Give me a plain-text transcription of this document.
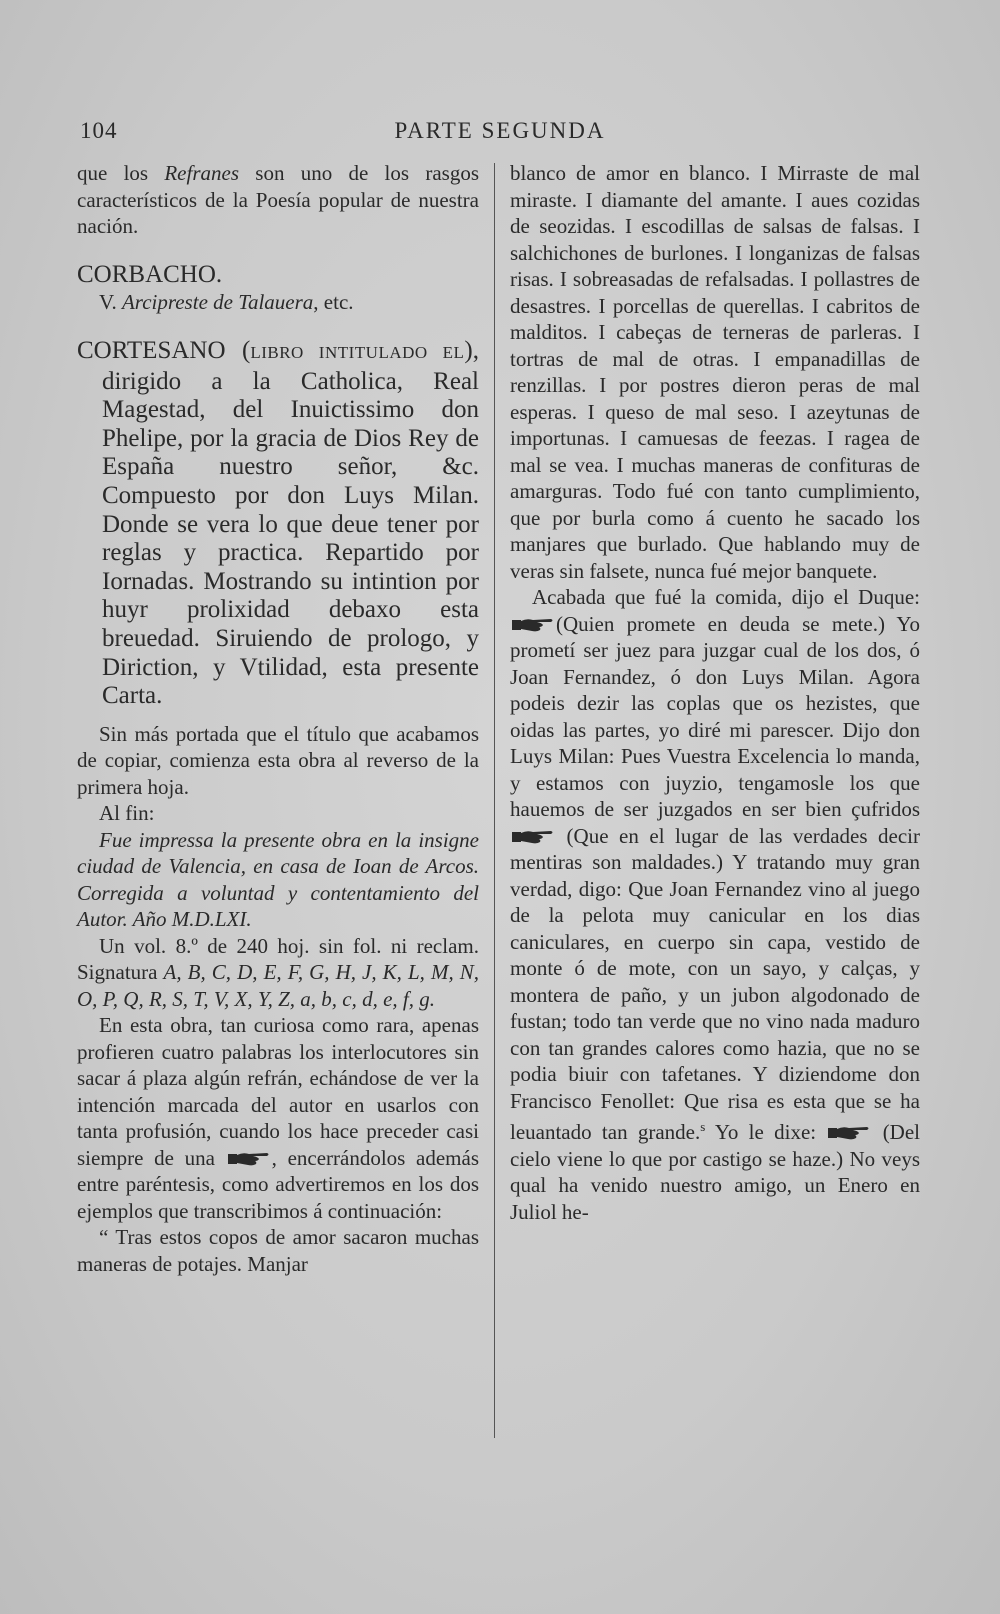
104	PARTE SEGUNDA

que los Refranes son uno de los rasgos característicos de la Poesía popular de nuestra nación.

CORBACHO.

V. Arcipreste de Talauera, etc.

CORTESANO (LIBRO INTITULADO EL), dirigido a la Catholica, Real Magestad, del Inuictissimo don Phelipe, por la gracia de Dios Rey de España nuestro señor, &c. Compuesto por don Luys Milan. Donde se vera lo que deue tener por reglas y practica. Repartido por Iornadas. Mostrando su intintion por huyr prolixidad debaxo esta breuedad. Siruiendo de prologo, y Diriction, y Vtilidad, esta presente Carta.

Sin más portada que el título que acabamos de copiar, comienza esta obra al reverso de la primera hoja.

Al fin:

Fue impressa la presente obra en la insigne ciudad de Valencia, en casa de Ioan de Arcos. Corregida a voluntad y contentamiento del Autor. Año M.D.LXI.

Un vol. 8.º de 240 hoj. sin fol. ni reclam. Signatura A, B, C, D, E, F, G, H, J, K, L, M, N, O, P, Q, R, S, T, V, X, Y, Z, a, b, c, d, e, f, g.

En esta obra, tan curiosa como rara, apenas profieren cuatro palabras los interlocutores sin sacar á plaza algún refrán, echándose de ver la intención marcada del autor en usarlos con tanta profusión, cuando los hace preceder casi siempre de una
, encerrándolos además entre paréntesis, como advertiremos en los dos ejemplos que transcribimos á continuación:

“ Tras estos copos de amor sacaron muchas maneras de potajes. Manjar

blanco de amor en blanco. I Mirraste de mal miraste. I diamante del amante. I aues cozidas de seozidas. I escodillas de salsas de falsas. I salchichones de burlones. I longanizas de falsas risas. I sobreasadas de refalsadas. I pollastres de desastres. I porcellas de querellas. I cabritos de malditos. I cabeças de terneras de parleras. I tortras de mal de otras. I empanadillas de renzillas. I por postres dieron peras de mal esperas. I queso de mal seso. I azeytunas de importunas. I camuesas de feezas. I ragea de mal se vea. I muchas maneras de confituras de amarguras. Todo fué con tanto cumplimiento, que por burla como á cuento he sacado los manjares que burlado. Que hablando muy de veras sin falsete, nunca fué mejor banquete.

Acabada que fué la comida, dijo el Duque:
(Quien promete en deuda se mete.) Yo prometí ser juez para juzgar cual de los dos, ó Joan Fernandez, ó don Luys Milan. Agora podeis dezir las coplas que os hezistes, que oidas las partes, yo diré mi parescer. Dijo don Luys Milan: Pues Vuestra Excelencia lo manda, y estamos con juyzio, tengamosle los que hauemos de ser juzgados en ser bien çufridos
(Que en el lugar de las verdades decir mentiras son maldades.) Y tratando muy gran verdad, digo: Que Joan Fernandez vino al juego de la pelota muy canicular en los dias caniculares, en cuerpo sin capa, vestido de monte ó de mote, con un sayo, y calças, y montera de paño, y un jubon algodonado de fustan; todo tan verde que no vino nada maduro con tan grandes calores como hazia, que no se podia biuir con tafetanes. Y diziendome don Francisco Fenollet: Que risa es esta que se ha leuantado tan grande.$^s$ Yo le dixe:	(Del cielo viene lo que por castigo se haze.) No veys qual ha venido nuestro amigo, un Enero en Juliol he-
